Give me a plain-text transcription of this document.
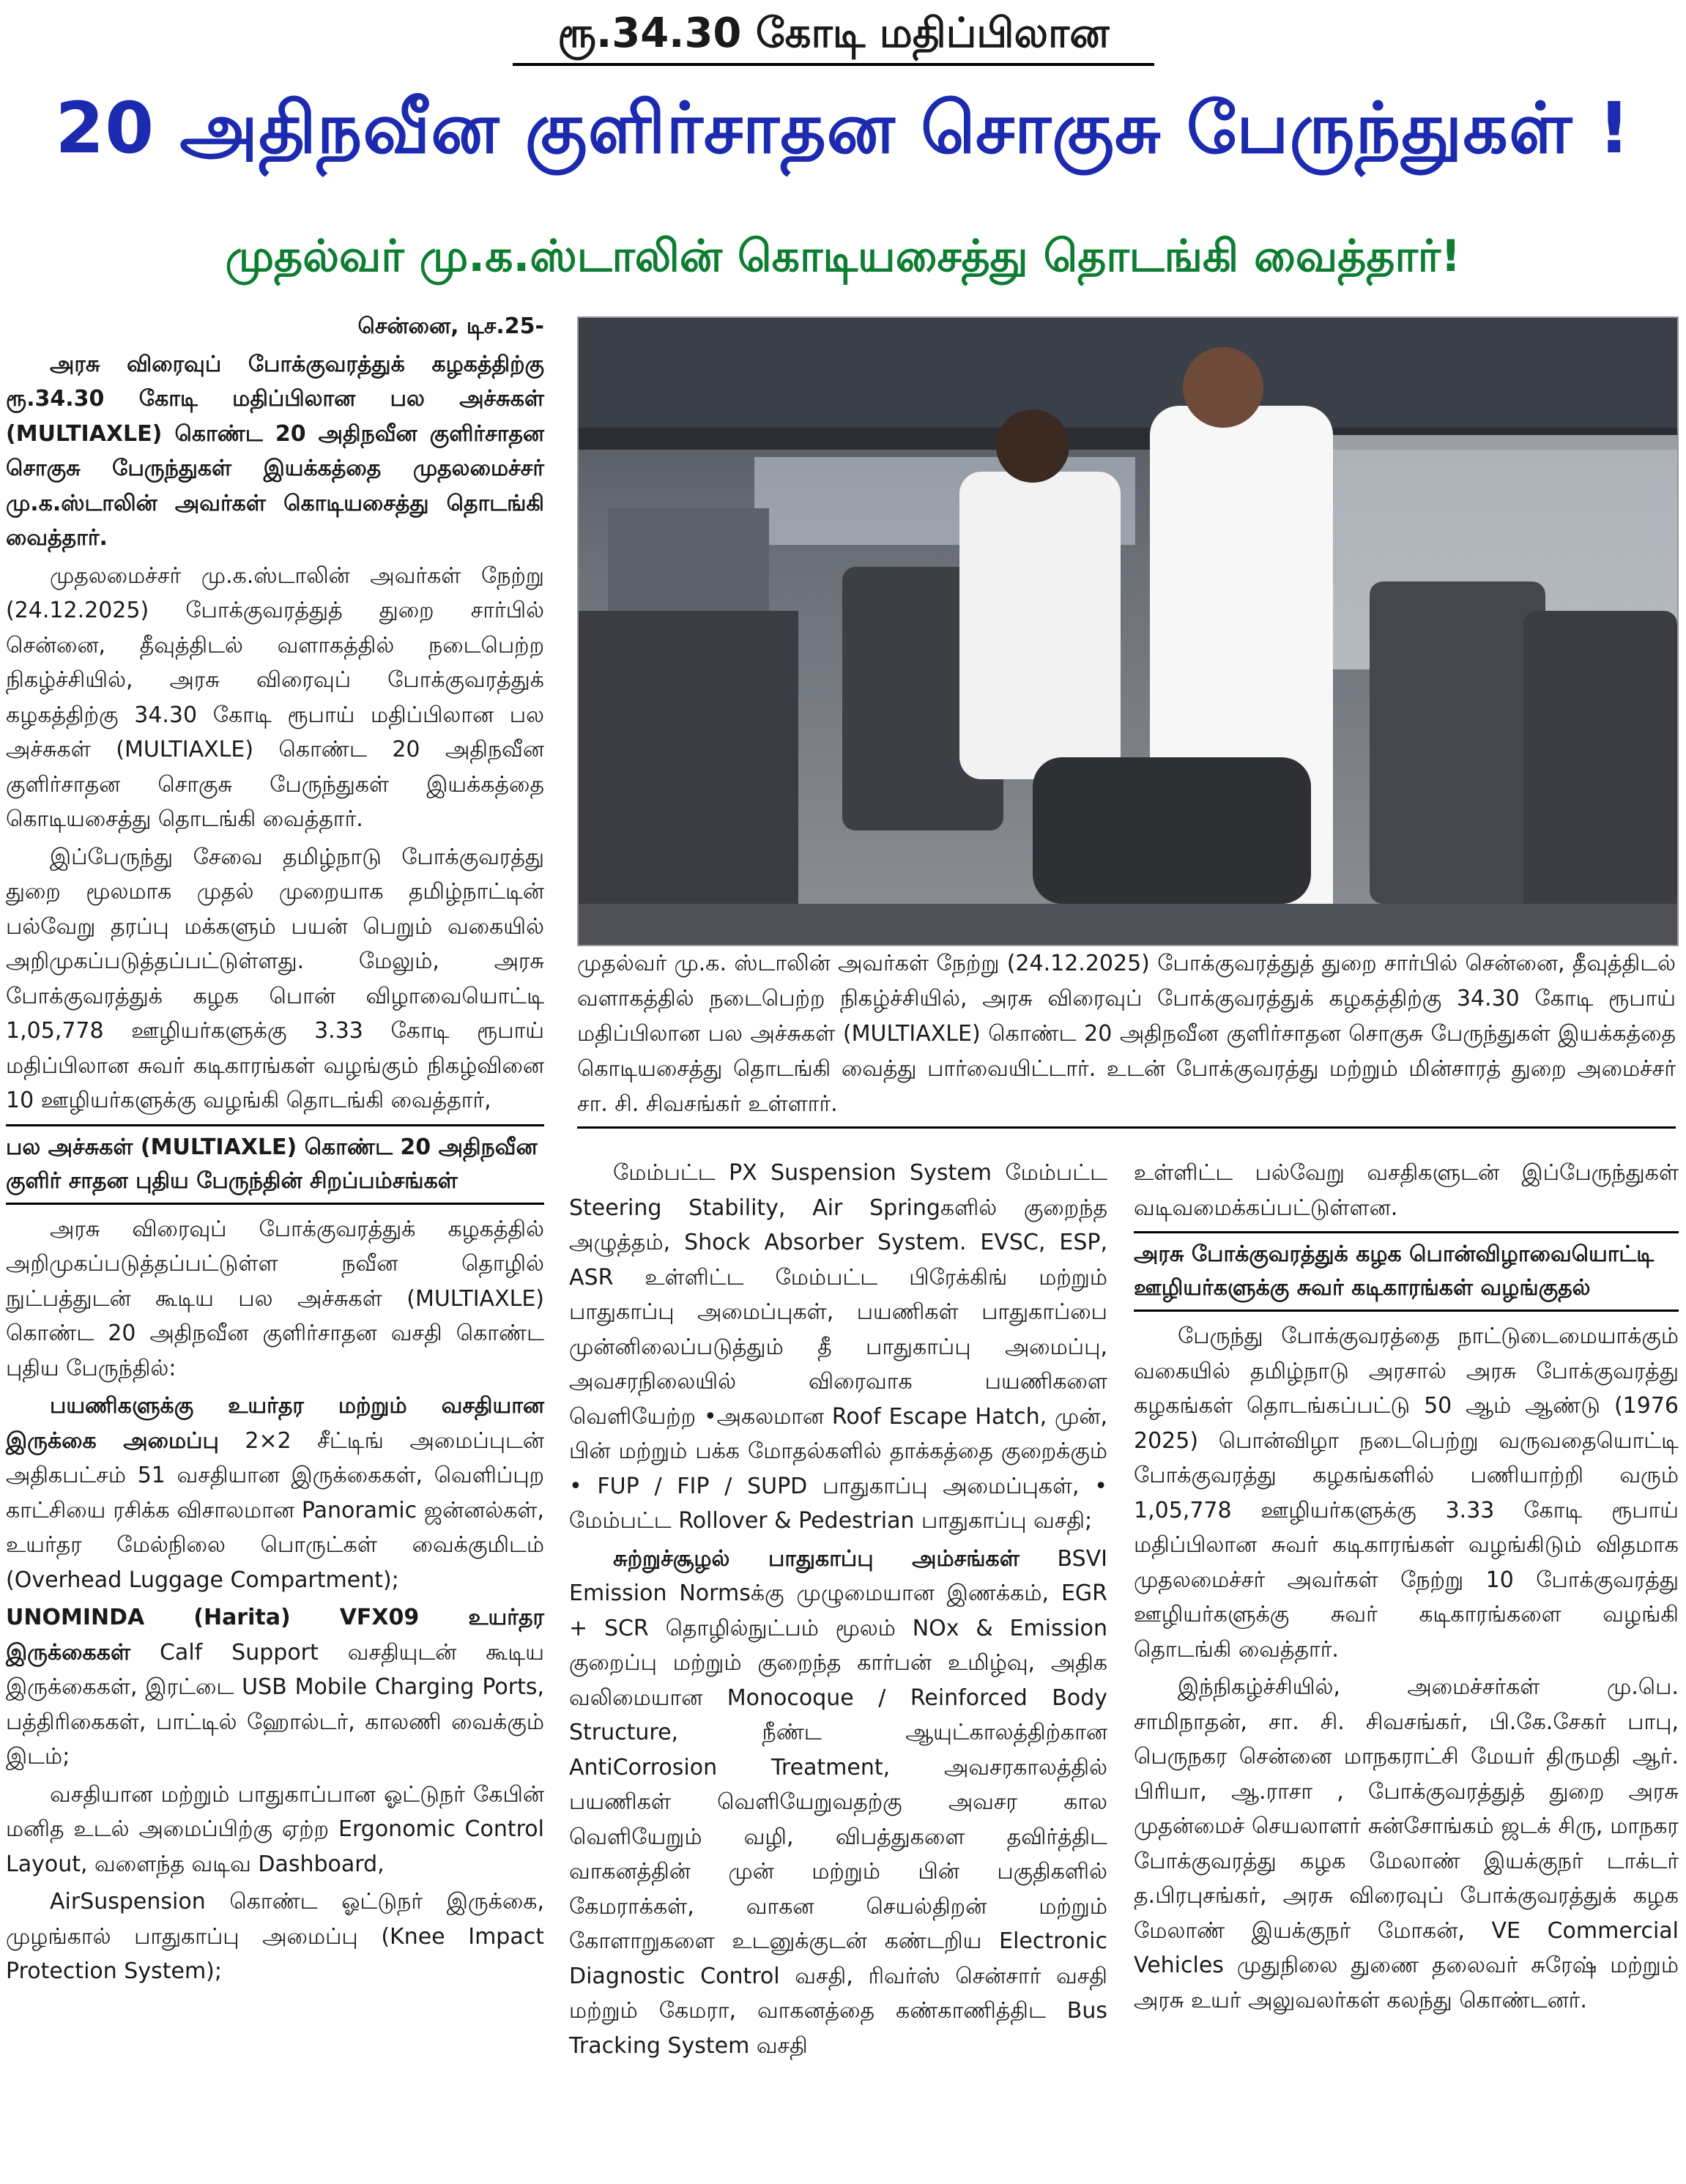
ரூ.34.30 கோடி மதிப்பிலான
20 அதிநவீன குளிர்சாதன சொகுசு பேருந்துகள் !
முதல்வர் மு.க.ஸ்டாலின் கொடியசைத்து தொடங்கி வைத்தார்!

சென்னை, டிச.25-

அரசு விரைவுப் போக்குவரத்துக் கழகத்திற்கு ரூ.34.30 கோடி மதிப்பிலான பல அச்சுகள் (MULTIAXLE) கொண்ட 20 அதிநவீன குளிர்சாதன சொகுசு பேருந்துகள் இயக்கத்தை முதலமைச்சர் மு.க.ஸ்டாலின் அவர்கள் கொடியசைத்து தொடங்கி வைத்தார்.

முதலமைச்சர் மு.க.ஸ்டாலின் அவர்கள் நேற்று (24.12.2025) போக்குவரத்துத் துறை சார்பில் சென்னை, தீவுத்திடல் வளாகத்தில் நடைபெற்ற நிகழ்ச்சியில், அரசு விரைவுப் போக்குவரத்துக் கழகத்திற்கு 34.30 கோடி ரூபாய் மதிப்பிலான பல அச்சுகள் (MULTIAXLE) கொண்ட 20 அதிநவீன குளிர்சாதன சொகுசு பேருந்துகள் இயக்கத்தை கொடியசைத்து தொடங்கி வைத்தார்.

இப்பேருந்து சேவை தமிழ்நாடு போக்குவரத்து துறை மூலமாக முதல் முறையாக தமிழ்நாட்டின் பல்வேறு தரப்பு மக்களும் பயன் பெறும் வகையில் அறிமுகப்படுத்தப்பட்டுள்ளது. மேலும், அரசு போக்குவரத்துக் கழக பொன் விழாவையொட்டி 1,05,778 ஊழியர்களுக்கு 3.33 கோடி ரூபாய் மதிப்பிலான சுவர் கடிகாரங்கள் வழங்கும் நிகழ்வினை 10 ஊழியர்களுக்கு வழங்கி தொடங்கி வைத்தார்,

பல அச்சுகள் (MULTIAXLE) கொண்ட 20 அதிநவீன குளிர் சாதன புதிய பேருந்தின் சிறப்பம்சங்கள்

அரசு விரைவுப் போக்குவரத்துக் கழகத்தில் அறிமுகப்படுத்தப்பட்டுள்ள நவீன தொழில் நுட்பத்துடன் கூடிய பல அச்சுகள் (MULTIAXLE) கொண்ட 20 அதிநவீன குளிர்சாதன வசதி கொண்ட புதிய பேருந்தில்:

பயணிகளுக்கு உயர்தர மற்றும் வசதியான இருக்கை அமைப்பு 2×2 சீட்டிங் அமைப்புடன் அதிகபட்சம் 51 வசதியான இருக்கைகள், வெளிப்புற காட்சியை ரசிக்க விசாலமான Panoramic ஜன்னல்கள், உயர்தர மேல்நிலை பொருட்கள் வைக்குமிடம் (Overhead Luggage Compartment);

UNOMINDA (Harita) VFX09 உயர்தர இருக்கைகள் Calf Support வசதியுடன் கூடிய இருக்கைகள், இரட்டை USB Mobile Charging Ports, பத்திரிகைகள், பாட்டில் ஹோல்டர், காலணி வைக்கும் இடம்;

வசதியான மற்றும் பாதுகாப்பான ஓட்டுநர் கேபின் மனித உடல் அமைப்பிற்கு ஏற்ற Ergonomic Control Layout, வளைந்த வடிவ Dashboard,

AirSuspension கொண்ட ஓட்டுநர் இருக்கை, முழங்கால் பாதுகாப்பு அமைப்பு (Knee Impact Protection System);

முதல்வர் மு.க. ஸ்டாலின் அவர்கள் நேற்று (24.12.2025) போக்குவரத்துத் துறை சார்பில் சென்னை, தீவுத்திடல் வளாகத்தில் நடைபெற்ற நிகழ்ச்சியில், அரசு விரைவுப் போக்குவரத்துக் கழகத்திற்கு 34.30 கோடி ரூபாய் மதிப்பிலான பல அச்சுகள் (MULTIAXLE) கொண்ட 20 அதிநவீன குளிர்சாதன சொகுசு பேருந்துகள் இயக்கத்தை கொடியசைத்து தொடங்கி வைத்து பார்வையிட்டார். உடன் போக்குவரத்து மற்றும் மின்சாரத் துறை அமைச்சர் சா. சி. சிவசங்கர் உள்ளார்.

மேம்பட்ட PX Suspension System மேம்பட்ட Steering Stability, Air Springகளில் குறைந்த அழுத்தம், Shock Absorber System. EVSC, ESP, ASR உள்ளிட்ட மேம்பட்ட பிரேக்கிங் மற்றும் பாதுகாப்பு அமைப்புகள், பயணிகள் பாதுகாப்பை முன்னிலைப்படுத்தும் தீ பாதுகாப்பு அமைப்பு, அவசரநிலையில் விரைவாக பயணிகளை வெளியேற்ற •அகலமான Roof Escape Hatch, முன், பின் மற்றும் பக்க மோதல்களில் தாக்கத்தை குறைக்கும் • FUP / FIP / SUPD பாதுகாப்பு அமைப்புகள், • மேம்பட்ட Rollover & Pedestrian பாதுகாப்பு வசதி;

சுற்றுச்சூழல் பாதுகாப்பு அம்சங்கள் BSVI Emission Normsக்கு முழுமையான இணக்கம், EGR + SCR தொழில்நுட்பம் மூலம் NOx & Emission குறைப்பு மற்றும் குறைந்த கார்பன் உமிழ்வு, அதிக வலிமையான Monocoque / Reinforced Body Structure, நீண்ட ஆயுட்காலத்திற்கான AntiCorrosion Treatment, அவசரகாலத்தில் பயணிகள் வெளியேறுவதற்கு அவசர கால வெளியேறும் வழி, விபத்துகளை தவிர்த்திட வாகனத்தின் முன் மற்றும் பின் பகுதிகளில் கேமராக்கள், வாகன செயல்திறன் மற்றும் கோளாறுகளை உடனுக்குடன் கண்டறிய Electronic Diagnostic Control வசதி, ரிவர்ஸ் சென்சார் வசதி மற்றும் கேமரா, வாகனத்தை கண்காணித்திட Bus Tracking System வசதி

உள்ளிட்ட பல்வேறு வசதிகளுடன் இப்பேருந்துகள் வடிவமைக்கப்பட்டுள்ளன.

அரசு போக்குவரத்துக் கழக பொன்விழாவையொட்டி ஊழியர்களுக்கு சுவர் கடிகாரங்கள் வழங்குதல்

பேருந்து போக்குவரத்தை நாட்டுடைமையாக்கும் வகையில் தமிழ்நாடு அரசால் அரசு போக்குவரத்து கழகங்கள் தொடங்கப்பட்டு 50 ஆம் ஆண்டு (1976 2025) பொன்விழா நடைபெற்று வருவதையொட்டி போக்குவரத்து கழகங்களில் பணியாற்றி வரும் 1,05,778 ஊழியர்களுக்கு 3.33 கோடி ரூபாய் மதிப்பிலான சுவர் கடிகாரங்கள் வழங்கிடும் விதமாக முதலமைச்சர் அவர்கள் நேற்று 10 போக்குவரத்து ஊழியர்களுக்கு சுவர் கடிகாரங்களை வழங்கி தொடங்கி வைத்தார்.

இந்நிகழ்ச்சியில், அமைச்சர்கள் மு.பெ. சாமிநாதன், சா. சி. சிவசங்கர், பி.கே.சேகர் பாபு, பெருநகர சென்னை மாநகராட்சி மேயர் திருமதி ஆர். பிரியா, ஆ.ராசா , போக்குவரத்துத் துறை அரசு முதன்மைச் செயலாளர் சுன்சோங்கம் ஜடக் சிரு, மாநகர போக்குவரத்து கழக மேலாண் இயக்குநர் டாக்டர் த.பிரபுசங்கர், அரசு விரைவுப் போக்குவரத்துக் கழக மேலாண் இயக்குநர் மோகன், VE Commercial Vehicles முதுநிலை துணை தலைவர் சுரேஷ் மற்றும் அரசு உயர் அலுவலர்கள் கலந்து கொண்டனர்.
